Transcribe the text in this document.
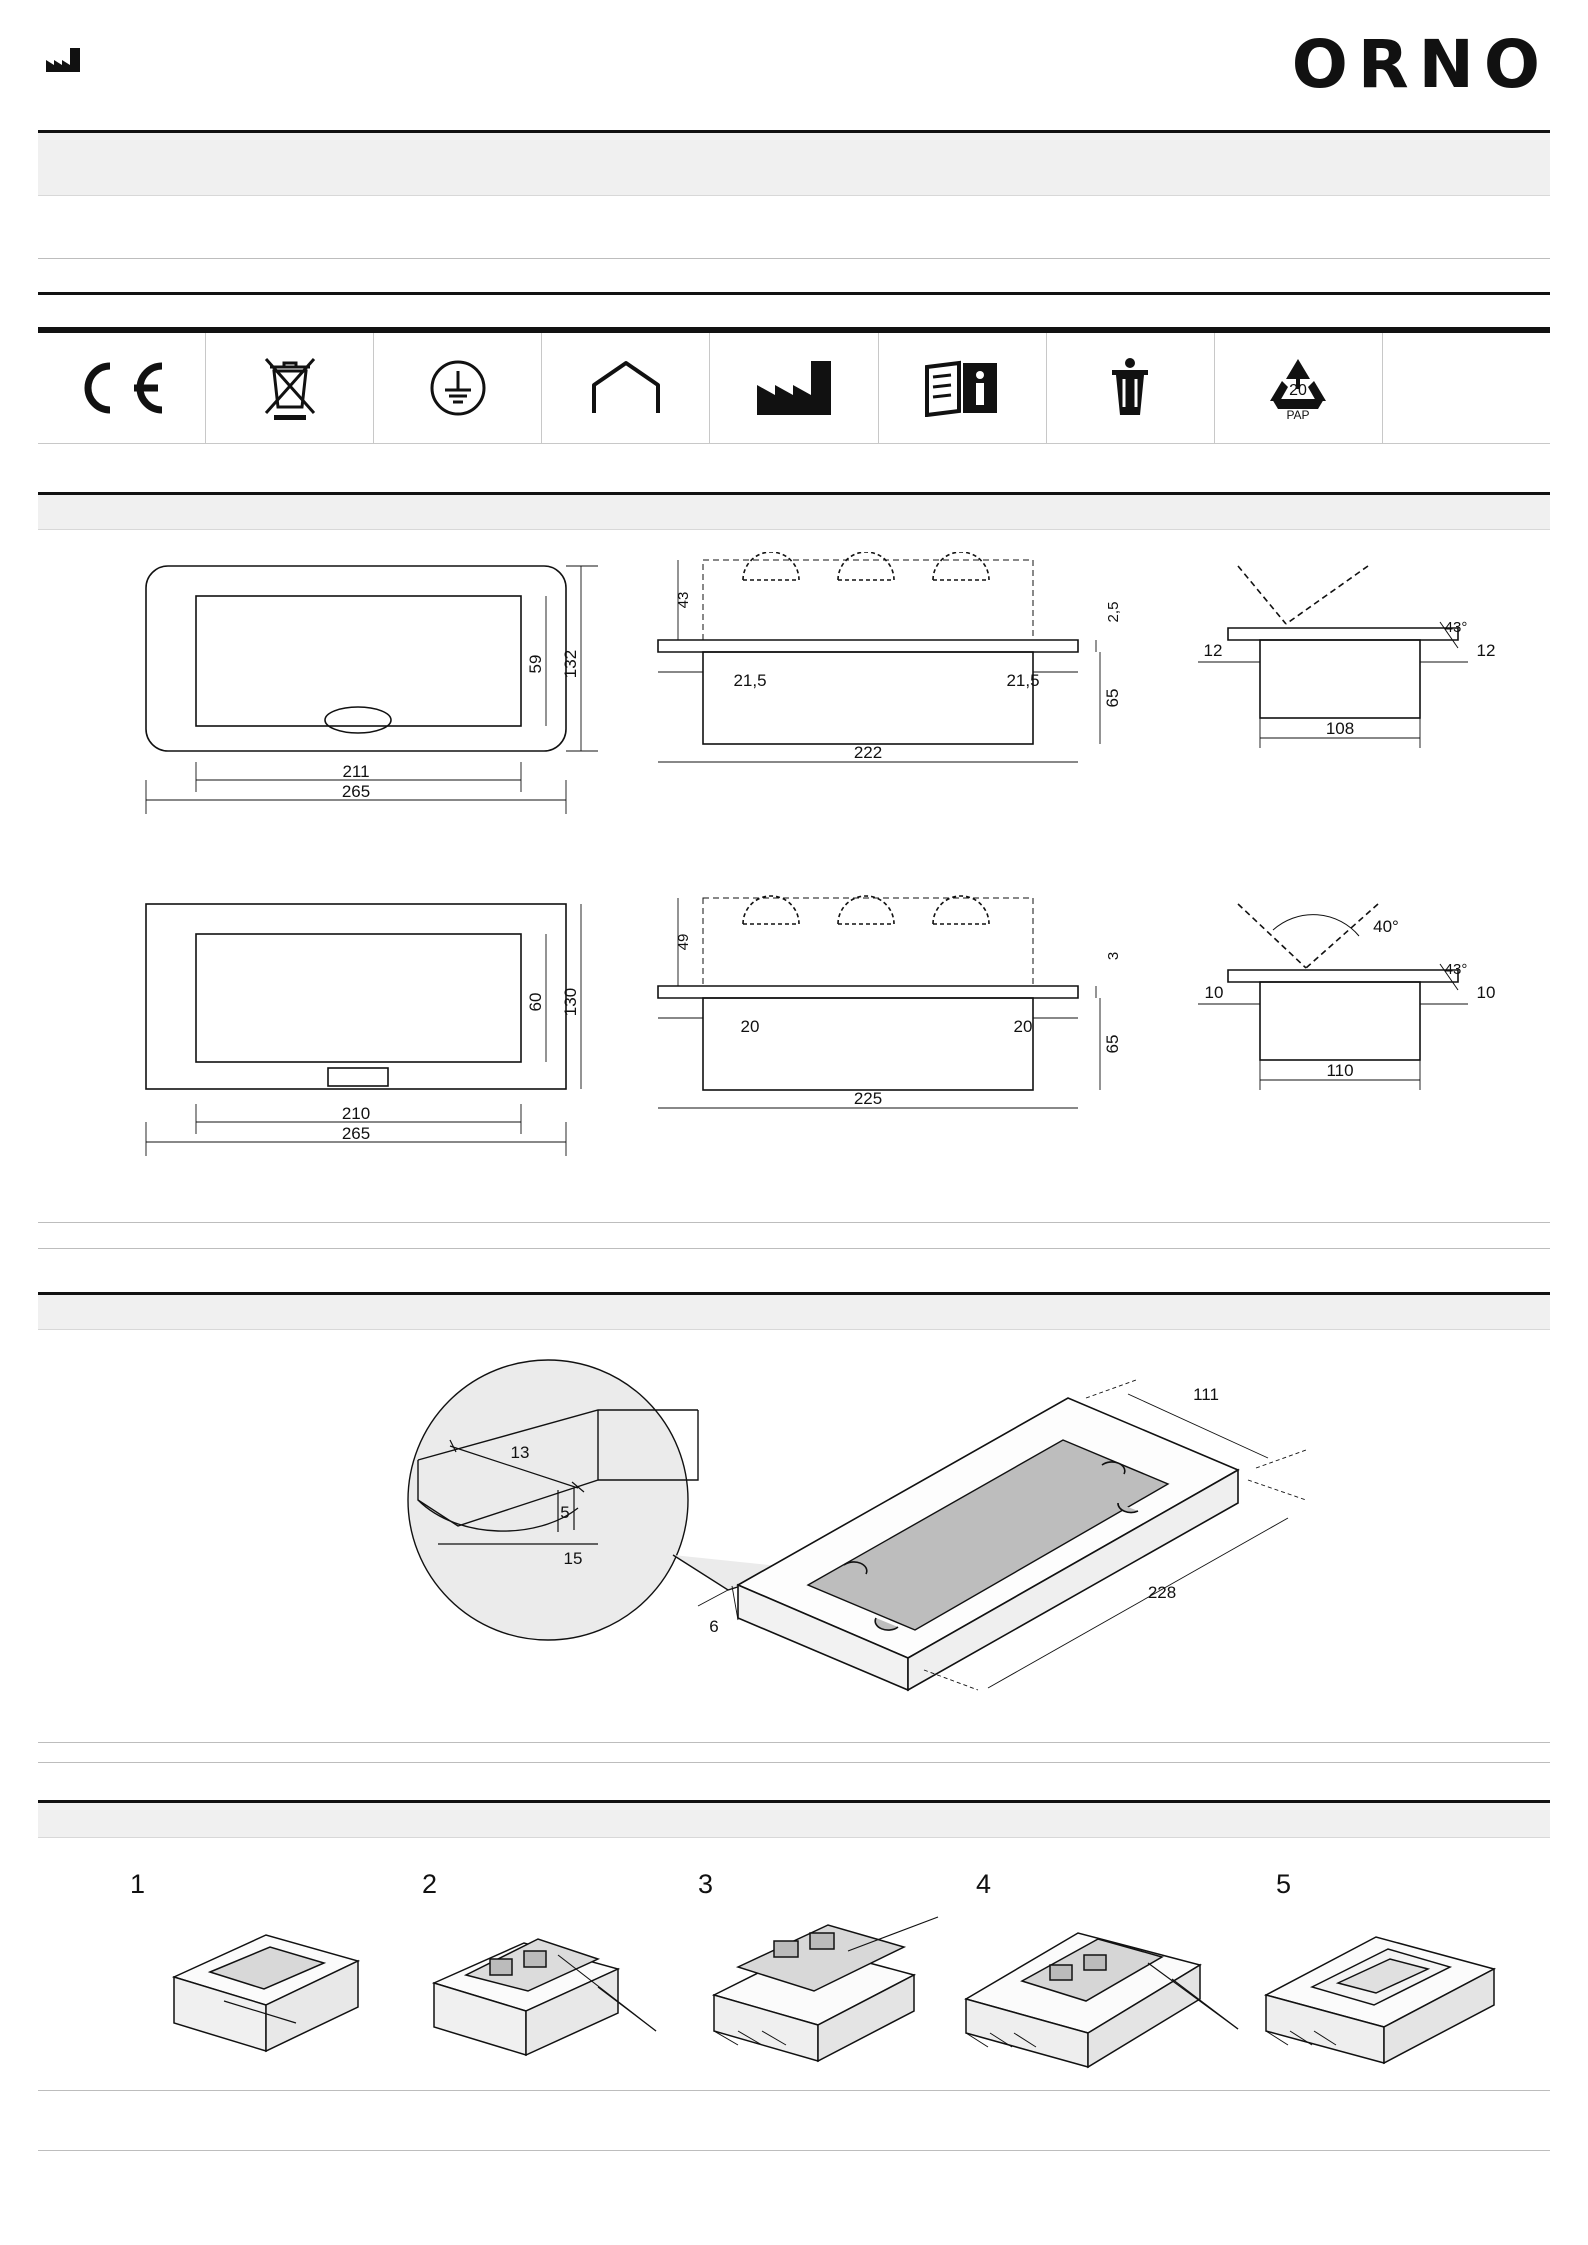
ORNO
20
PAP
265
211
132
59
43
21,5	21,5
222
2,5
65
12	12
108
43°
265
210
130
60
49
20	20
225
3
65
10	10
110
43°
40°
13
5
15
111
228
6
1	2	3	4	5
